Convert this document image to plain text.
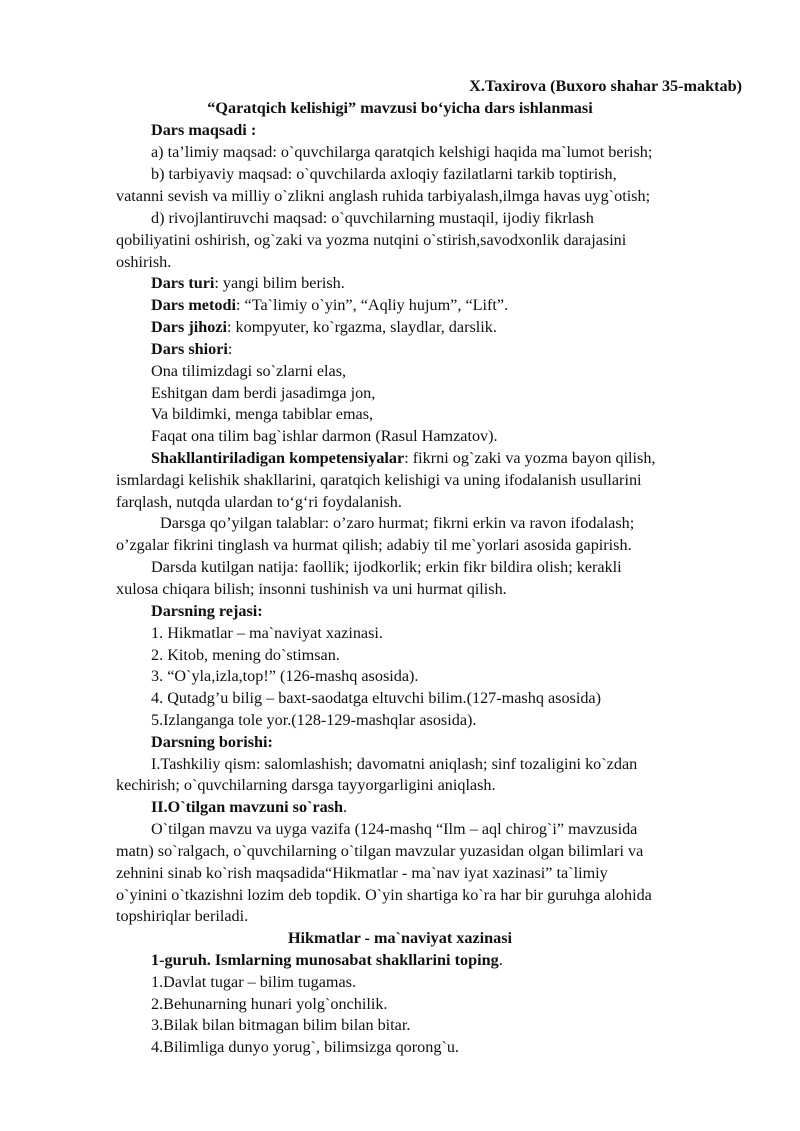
X.Taxirova (Buxoro shahar 35-maktab)
“Qaratqich kelishigi” mavzusi bo‘yicha dars ishlanmasi
Dars maqsadi :
a) ta’limiy maqsad: o`quvchilarga qaratqich kelshigi haqida ma`lumot berish;
b) tarbiyaviy maqsad: o`quvchilarda axloqiy fazilatlarni tarkib toptirish,
vatanni sevish va milliy o`zlikni anglash ruhida tarbiyalash,ilmga havas uyg`otish;
d) rivojlantiruvchi maqsad: o`quvchilarning mustaqil, ijodiy fikrlash
qobiliyatini oshirish, og`zaki va yozma nutqini o`stirish,savodxonlik darajasini
oshirish.
Dars turi: yangi bilim berish.
Dars metodi: “Ta`limiy o`yin”, “Aqliy hujum”, “Lift”.
Dars jihozi: kompyuter, ko`rgazma, slaydlar, darslik.
Dars shiori:
Ona tilimizdagi so`zlarni elas,
Eshitgan dam berdi jasadimga jon,
Va bildimki, menga tabiblar emas,
Faqat ona tilim bag`ishlar darmon (Rasul Hamzatov).
Shakllantiriladigan kompetensiyalar: fikrni og`zaki va yozma bayon qilish,
ismlardagi kelishik shakllarini, qaratqich kelishigi va uning ifodalanish usullarini
farqlash, nutqda ulardan to‘g‘ri foydalanish.
Darsga qo’yilgan talablar: o’zaro hurmat; fikrni erkin va ravon ifodalash;
o’zgalar fikrini tinglash va hurmat qilish; adabiy til me`yorlari asosida gapirish.
Darsda kutilgan natija: faollik; ijodkorlik; erkin fikr bildira olish; kerakli
xulosa chiqara bilish; insonni tushinish va uni hurmat qilish.
Darsning rejasi:
1. Hikmatlar – ma`naviyat xazinasi.
2. Kitob, mening do`stimsan.
3. “O`yla,izla,top!” (126-mashq asosida).
4. Qutadg’u bilig – baxt-saodatga eltuvchi bilim.(127-mashq asosida)
5.Izlanganga tole yor.(128-129-mashqlar asosida).
Darsning borishi:
I.Tashkiliy qism: salomlashish; davomatni aniqlash; sinf tozaligini ko`zdan
kechirish; o`quvchilarning darsga tayyorgarligini aniqlash.
II.O`tilgan mavzuni so`rash.
O`tilgan mavzu va uyga vazifa (124-mashq “Ilm – aql chirog`i” mavzusida
matn) so`ralgach, o`quvchilarning o`tilgan mavzular yuzasidan olgan bilimlari va
zehnini sinab ko`rish maqsadida“Hikmatlar - ma`nav iyat xazinasi” ta`limiy
o`yinini o`tkazishni lozim deb topdik. O`yin shartiga ko`ra har bir guruhga alohida
topshiriqlar beriladi.
Hikmatlar - ma`naviyat xazinasi
1-guruh. Ismlarning munosabat shakllarini toping.
1.Davlat tugar – bilim tugamas.
2.Behunarning hunari yolg`onchilik.
3.Bilak bilan bitmagan bilim bilan bitar.
4.Bilimliga dunyo yorug`, bilimsizga qorong`u.
